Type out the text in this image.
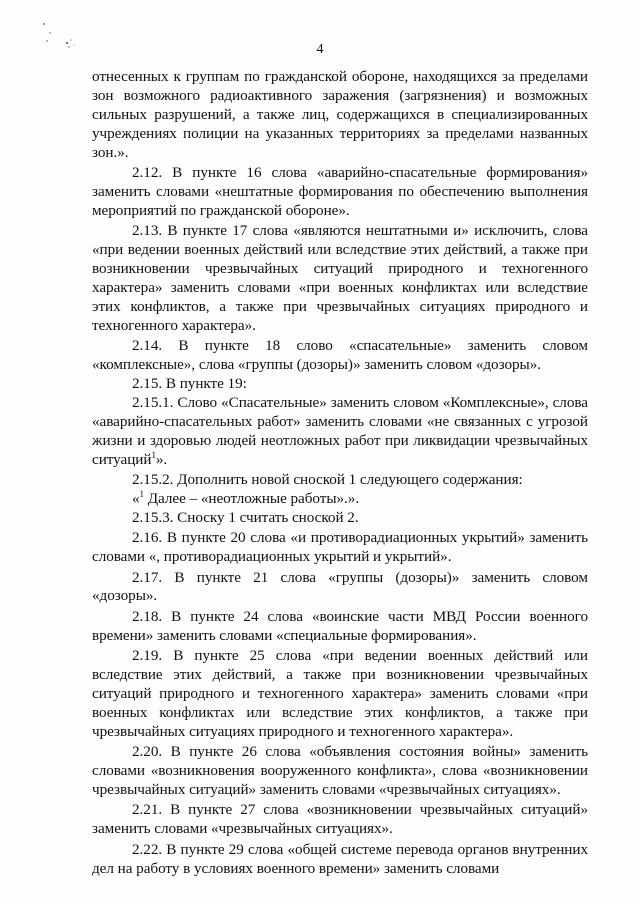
4

отнесенных к группам по гражданской обороне, находящихся за пределами зон возможного радиоактивного заражения (загрязнения) и возможных сильных разрушений, а также лиц, содержащихся в специализированных учреждениях полиции на указанных территориях за пределами названных зон.».

2.12. В пункте 16 слова «аварийно-спасательные формирования» заменить словами «нештатные формирования по обеспечению выполнения мероприятий по гражданской обороне».

2.13. В пункте 17 слова «являются нештатными и» исключить, слова «при ведении военных действий или вследствие этих действий, а также при возникновении чрезвычайных ситуаций природного и техногенного характера» заменить словами «при военных конфликтах или вследствие этих конфликтов, а также при чрезвычайных ситуациях природного и техногенного характера».

2.14. В пункте 18 слово «спасательные» заменить словом «комплексные», слова «группы (дозоры)» заменить словом «дозоры».

2.15. В пункте 19:

2.15.1. Слово «Спасательные» заменить словом «Комплексные», слова «аварийно-спасательных работ» заменить словами «не связанных с угрозой жизни и здоровью людей неотложных работ при ликвидации чрезвычайных ситуаций$^1$».

2.15.2. Дополнить новой сноской 1 следующего содержания:

«$^1$ Далее – «неотложные работы».».

2.15.3. Сноску 1 считать сноской 2.

2.16. В пункте 20 слова «и противорадиационных укрытий» заменить словами «, противорадиационных укрытий и укрытий».

2.17. В пункте 21 слова «группы (дозоры)» заменить словом «дозоры».

2.18. В пункте 24 слова «воинские части МВД России военного времени» заменить словами «специальные формирования».

2.19. В пункте 25 слова «при ведении военных действий или вследствие этих действий, а также при возникновении чрезвычайных ситуаций природного и техногенного характера» заменить словами «при военных конфликтах или вследствие этих конфликтов, а также при чрезвычайных ситуациях природного и техногенного характера».

2.20. В пункте 26 слова «объявления состояния войны» заменить словами «возникновения вооруженного конфликта», слова «возникновении чрезвычайных ситуаций» заменить словами «чрезвычайных ситуациях».

2.21. В пункте 27 слова «возникновении чрезвычайных ситуаций» заменить словами «чрезвычайных ситуациях».

2.22. В пункте 29 слова «общей системе перевода органов внутренних дел на работу в условиях военного времени» заменить словами
